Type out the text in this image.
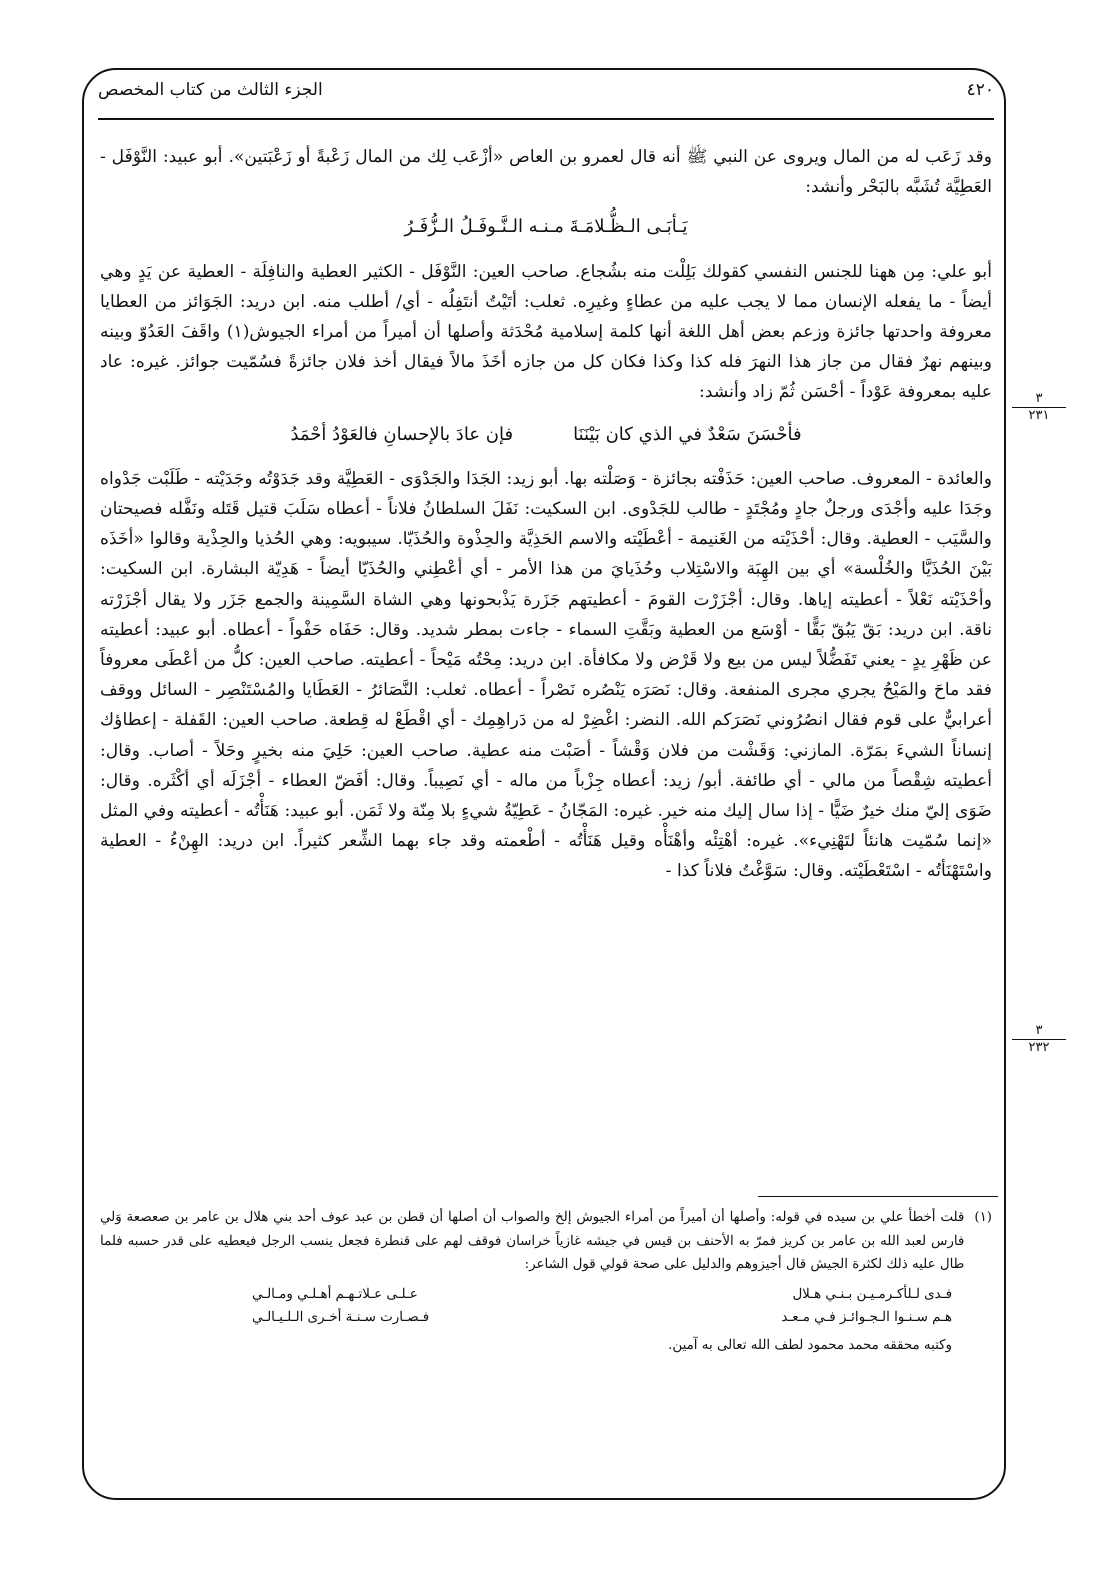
٤٢٠
الجزء الثالث من كتاب المخصص
٣
٢٣١
٣
٢٣٢

وقد زَعَب له من المال ويروى عن النبي ﷺ أنه قال لعمرو بن العاص «أزْعَب لِك من المال زَعْبةً أو زَعْبَتين». أبو عبيد: النَّوْفَل - العَطِيَّة تُشَبَّه بالبَحْر وأنشد:

يَـأبَـى الـظُّـلامَـةَ مـنـه الـنَّـوفَـلُ الـزُّفَـرُ

أبو علي: مِن ههنا للجنس النفسي كقولك بَلِلْت منه بشُجاع. صاحب العين: النَّوْفَل - الكثير العطية والنافِلَة - العطية عن يَدٍ وهي أيضاً - ما يفعله الإنسان مما لا يجب عليه من عطاءٍ وغيرِه. ثعلب: أتَيْتُ أنتَفِلُه - أي/ أطلب منه. ابن دريد: الجَوَائز من العطايا معروفة واحدتها جائزة وزعم بعض أهل اللغة أنها كلمة إسلامية مُحْدَثة وأصلها أن أميراً من أمراء الجيوش(١) واقَفَ العَدُوّ وبينه وبينهم نهرٌ فقال من جاز هذا النهرَ فله كذا وكذا فكان كل من جازه أخَذَ مالاً فيقال أخذ فلان جائزةً فسُمّيت جوائز. غيره: عاد عليه بمعروفة عَوْداً - أحْسَن ثُمّ زاد وأنشد:

فأحْسَنَ سَعْدٌ في الذي كان بَيْنَنَا
فإن عادَ بالإحسانِ فالعَوْدُ أحْمَدُ

والعائدة - المعروف. صاحب العين: حَذَفْته بجائزة - وَصَلْته بها. أبو زيد: الجَدَا والجَدْوَى - العَطِيَّة وقد جَدَوْتُه وجَدَيْته - طَلَبْت جَدْواه وجَدَا عليه وأجْدَى ورجلٌ جادٍ ومُجْتَدٍ - طالب للجَدْوى. ابن السكيت: نَفَلَ السلطانُ فلاناً - أعطاه سَلَبَ قتيل قَتَله ونَفَّله فصيحتان والسَّيَب - العطية. وقال: أحْذَيْته من الغَنيمة - أعْطَيْته والاسم الحَذِيَّة والحِذْوة والحُذَيّا. سيبويه: وهي الحُذيا والحِذْية وقالوا «أخَذَه بَيْنَ الحُذَيَّا والخُلْسة» أي بين الهِبَة والاسْتِلاب وحُذَيايَ من هذا الأمر - أي أعْطِني والحُذَيّا أيضاً - هَدِيّة البشارة. ابن السكيت: وأحْذَيْته نَعْلاً - أعطيته إياها. وقال: أجْزَرْت القومَ - أعطيتهم جَزَرة يَذْبحونها وهي الشاة السَّمِينة والجمع جَزَر ولا يقال أجْزَرْته ناقة. ابن دريد: بَقّ يَبُقّ بَقًّا - أوْسَع من العطية وبَقَّتِ السماء - جاءت بمطر شديد. وقال: حَفَاه حَفْواً - أعطاه. أبو عبيد: أعطيته عن ظَهْرِ يدٍ - يعني تَفَضُّلاً ليس من بيع ولا قَرْض ولا مكافأة. ابن دريد: مِحْتُه مَيْحاً - أعطيته. صاحب العين: كلُّ من أعْطَى معروفاً فقد ماحَ والمَيْحُ يجري مجرى المنفعة. وقال: نَصَرَه يَنْصُره نَصْراً - أعطاه. ثعلب: النَّصَائرُ - العَطَايا والمُسْتَنْصِر - السائل ووقف أعرابيٌّ على قوم فقال انصُرُوني نَصَرَكم الله. النضر: اغْضِرْ له من دَراهِمِك - أي اقْطَعْ له قِطعة. صاحب العين: القَفلة - إعطاؤك إنساناً الشيءَ بمَرّة. المازني: وَقَشْت من فلان وَقْشاً - أصَبْت منه عطية. صاحب العين: حَلِيَ منه بخيرٍ وحَلاً - أصاب. وقال: أعطيته شِقْصاً من مالي - أي طائفة. أبو/ زيد: أعطاه جِزْباً من ماله - أي نَصِيباً. وقال: أفَضّ العطاء - أجْزَلَه أي أكْثَره. وقال: ضَوَى إليّ منك خيرٌ ضَيًّا - إذا سال إليك منه خير. غيره: المَجّانُ - عَطِيّةُ شيءٍ بلا مِنّة ولا ثَمَن. أبو عبيد: هَنَأْتُه - أعطيته وفي المثل «إنما سُمّيت هانئاً لتَهْنِيء». غيره: أهْتِئْه وأهْنَأْه وقيل هَنَأْتُه - أطْعمته وقد جاء بهما الشِّعر كثيراً. ابن دريد: الهِنْءُ - العطية واسْتَهْنَأتُه - اسْتَعْطَيْته. وقال: سَوَّغْتُ فلاناً كذا -

(١)
قلت أخطأ علي بن سيده في قوله: وأصلها أن أميراً من أمراء الجيوش إلخ والصواب أن أصلها أن قطن بن عبد عوف أحد بني هلال بن عامر بن صعصعة وَلي فارس لعبد الله بن عامر بن كريز فمرّ به الأحنف بن قيس في جيشه غازياً خراسان فوقف لهم على قنطرة فجعل ينسب الرجل فيعطيه على قدر حسبه فلما طال عليه ذلك لكثرة الجيش قال أجيزوهم والدليل على صحة قولي قول الشاعر:
فـدى لـلأكـرمـيـن بـنـي هـلال
عـلـى عـلاتـهـم أهـلـي ومـالـي
هـم سـنـوا الـجـوائـز فـي مـعـد
فـصـارت سـنـة أخـرى الـلـيـالـي
وكتبه محققه محمد محمود لطف الله تعالى به آمين.
